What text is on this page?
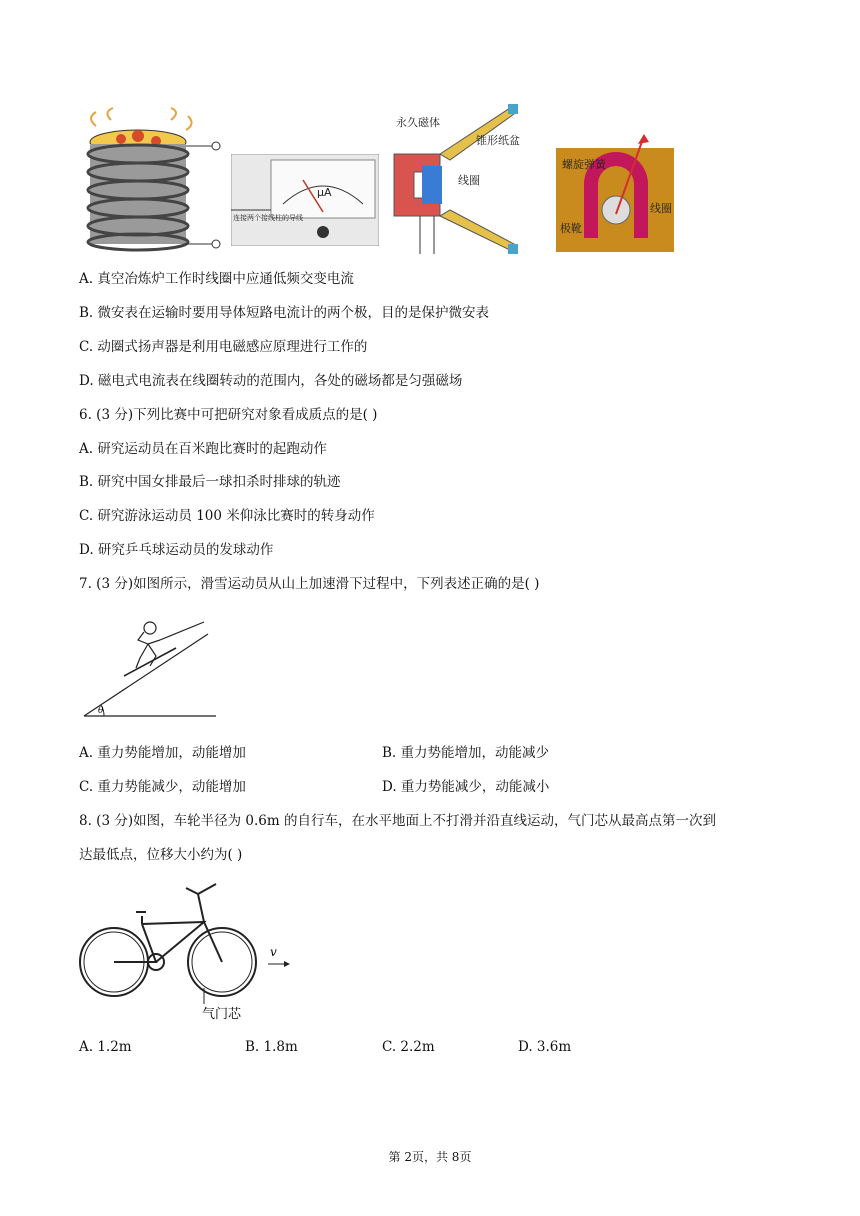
μA
连接两个接线柱的导线
永久磁体
锥形纸盆
线圈
螺旋弹簧
极靴
线圈
A. 真空冶炼炉工作时线圈中应通低频交变电流
B. 微安表在运输时要用导体短路电流计的两个极，目的是保护微安表
C. 动圈式扬声器是利用电磁感应原理进行工作的
D. 磁电式电流表在线圈转动的范围内，各处的磁场都是匀强磁场
6. (3 分)下列比赛中可把研究对象看成质点的是( )
A. 研究运动员在百米跑比赛时的起跑动作
B. 研究中国女排最后一球扣杀时排球的轨迹
C. 研究游泳运动员 100 米仰泳比赛时的转身动作
D. 研究乒乓球运动员的发球动作
7. (3 分)如图所示，滑雪运动员从山上加速滑下过程中，下列表述正确的是( )
θ
A. 重力势能增加，动能增加	B. 重力势能增加，动能减少
C. 重力势能减少，动能增加	D. 重力势能减少，动能减小
8. (3 分)如图，车轮半径为 0.6m 的自行车，在水平地面上不打滑并沿直线运动，气门芯从最高点第一次到
达最低点，位移大小约为( )
v
气门芯
A. 1.2m	B. 1.8m	C. 2.2m	D. 3.6m
第 2页，共 8页
